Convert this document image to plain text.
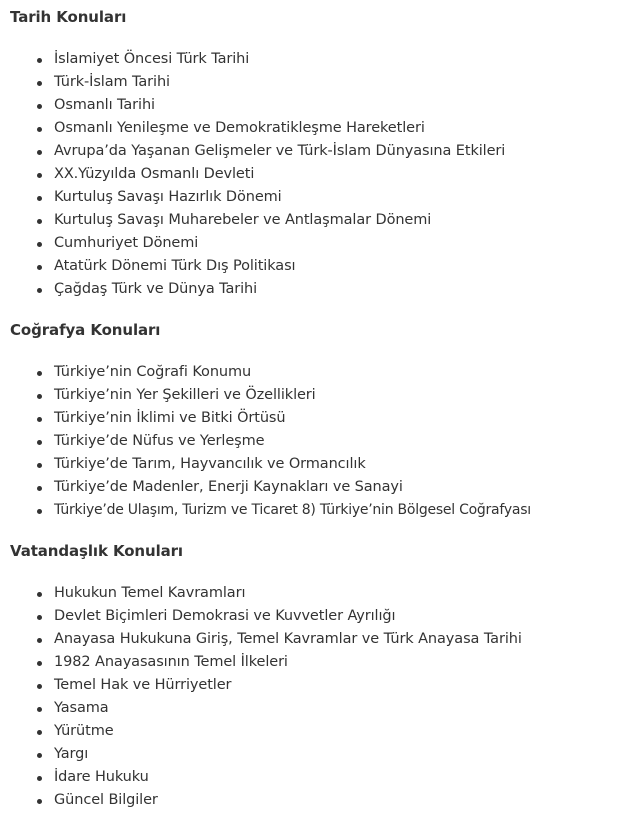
Tarih Konuları
İslamiyet Öncesi Türk Tarihi
Türk-İslam Tarihi
Osmanlı Tarihi
Osmanlı Yenileşme ve Demokratikleşme Hareketleri
Avrupa’da Yaşanan Gelişmeler ve Türk-İslam Dünyasına Etkileri
XX.Yüzyılda Osmanlı Devleti
Kurtuluş Savaşı Hazırlık Dönemi
Kurtuluş Savaşı Muharebeler ve Antlaşmalar Dönemi
Cumhuriyet Dönemi
Atatürk Dönemi Türk Dış Politikası
Çağdaş Türk ve Dünya Tarihi
Coğrafya Konuları
Türkiye’nin Coğrafi Konumu
Türkiye’nin Yer Şekilleri ve Özellikleri
Türkiye’nin İklimi ve Bitki Örtüsü
Türkiye’de Nüfus ve Yerleşme
Türkiye’de Tarım, Hayvancılık ve Ormancılık
Türkiye’de Madenler, Enerji Kaynakları ve Sanayi
Türkiye’de Ulaşım, Turizm ve Ticaret 8) Türkiye’nin Bölgesel Coğrafyası
Vatandaşlık Konuları
Hukukun Temel Kavramları
Devlet Biçimleri Demokrasi ve Kuvvetler Ayrılığı
Anayasa Hukukuna Giriş, Temel Kavramlar ve Türk Anayasa Tarihi
1982 Anayasasının Temel İlkeleri
Temel Hak ve Hürriyetler
Yasama
Yürütme
Yargı
İdare Hukuku
Güncel Bilgiler
